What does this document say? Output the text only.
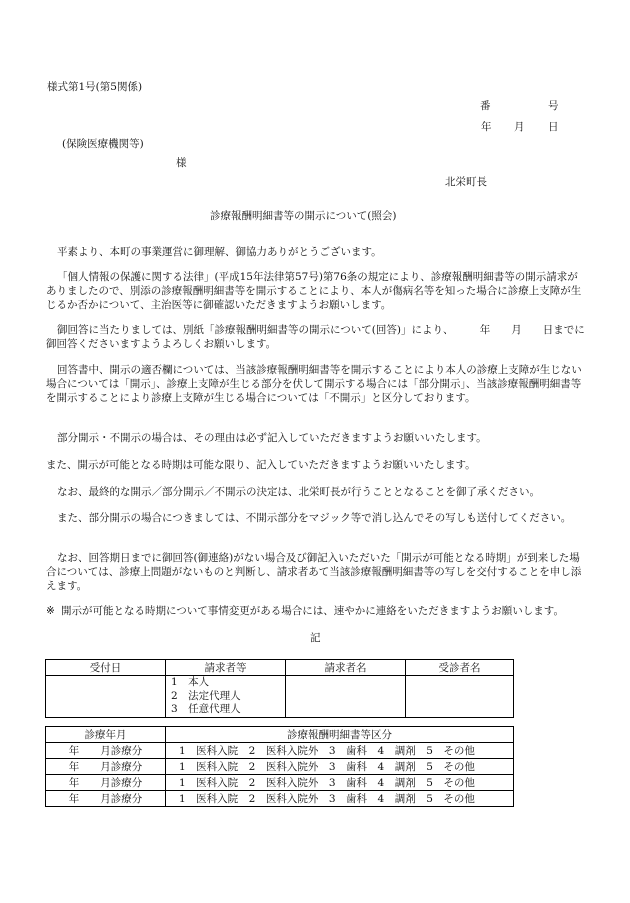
様式第1号(第5関係)

番	号
年 月 日

(保険医療機関等)

様
北栄町長

診療報酬明細書等の開示について(照会)

平素より、本町の事業運営に御理解、御協力ありがとうございます。

「個人情報の保護に関する法律」(平成15年法律第57号)第76条の規定により、診療報酬明細書等の開示請求がありましたので、別添の診療報酬明細書等を開示することにより、本人が傷病名等を知った場合に診療上支障が生じるか否かについて、主治医等に御確認いただきますようお願いします。

御回答に当たりましては、別紙「診療報酬明細書等の開示について(回答)」により、　　　年　　月　　日までに御回答くださいますようよろしくお願いします。

回答書中、開示の適否欄については、当該診療報酬明細書等を開示することにより本人の診療上支障が生じない場合については「開示」、診療上支障が生じる部分を伏して開示する場合には「部分開示」、当該診療報酬明細書等を開示することにより診療上支障が生じる場合については「不開示」と区分しております。

部分開示・不開示の場合は、その理由は必ず記入していただきますようお願いいたします。

また、開示が可能となる時期は可能な限り、記入していただきますようお願いいたします。

なお、最終的な開示／部分開示／不開示の決定は、北栄町長が行うこととなることを御了承ください。

また、部分開示の場合につきましては、不開示部分をマジック等で消し込んでその写しも送付してください。

なお、回答期日までに御回答(御連絡)がない場合及び御記入いただいた「開示が可能となる時期」が到来した場合については、診療上問題がないものと判断し、請求者あて当該診療報酬明細書等の写しを交付することを申し添えます。

※ 開示が可能となる時期について事情変更がある場合には、速やかに連絡をいただきますようお願いします。

記
受付日	請求者等	請求者名	受診者名

	1　本人
2　法定代理人
3　任意代理人		

診療年月	診療報酬明細書等区分
年　　月診療分	1　医科入院　2　医科入院外　3　歯科　4　調剤　5　その他
年　　月診療分	1　医科入院　2　医科入院外　3　歯科　4　調剤　5　その他
年　　月診療分	1　医科入院　2　医科入院外　3　歯科　4　調剤　5　その他
年　　月診療分	1　医科入院　2　医科入院外　3　歯科　4　調剤　5　その他
